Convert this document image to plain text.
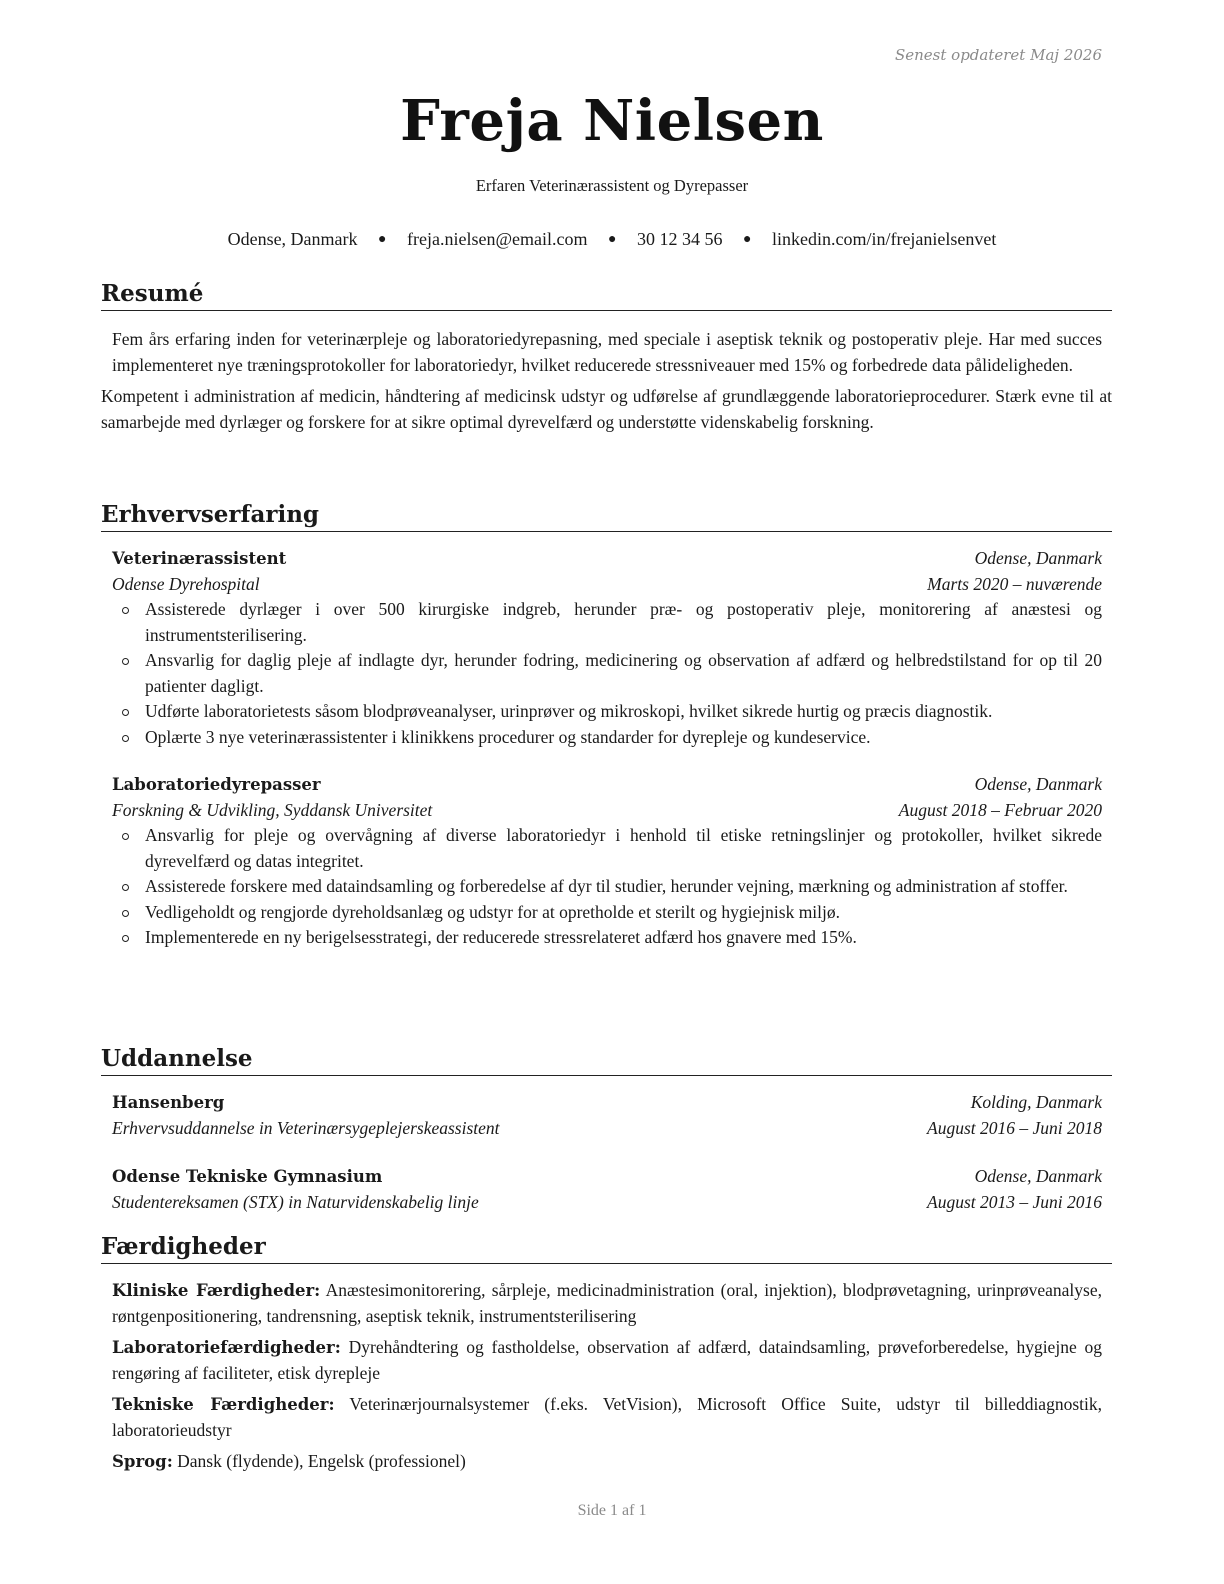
Senest opdateret Maj 2026
Freja Nielsen
Erfaren Veterinærassistent og Dyrepasser
Odense, Danmark ● freja.nielsen@email.com ● 30 12 34 56 ● linkedin.com/in/frejanielsenvet
Resumé

Fem års erfaring inden for veterinærpleje og laboratoriedyrepasning, med speciale i aseptisk teknik og postoperativ pleje. Har med succes implementeret nye træningsprotokoller for laboratoriedyr, hvilket reducerede stressniveauer med 15% og forbedrede data pålideligheden.

Kompetent i administration af medicin, håndtering af medicinsk udstyr og udførelse af grundlæggende laboratorieprocedurer. Stærk evne til at samarbejde med dyrlæger og forskere for at sikre optimal dyrevelfærd og understøtte videnskabelig forskning.

Erhvervserfaring
Veterinærassistent	Odense, Danmark
Odense Dyrehospital	Marts 2020 – nuværende
Assisterede dyrlæger i over 500 kirurgiske indgreb, herunder præ- og postoperativ pleje, monitorering af anæstesi og instrumentsterilisering.
Ansvarlig for daglig pleje af indlagte dyr, herunder fodring, medicinering og observation af adfærd og helbredstilstand for op til 20 patienter dagligt.
Udførte laboratorietests såsom blodprøveanalyser, urinprøver og mikroskopi, hvilket sikrede hurtig og præcis diagnostik.
Oplærte 3 nye veterinærassistenter i klinikkens procedurer og standarder for dyrepleje og kundeservice.
Laboratoriedyrepasser	Odense, Danmark
Forskning & Udvikling, Syddansk Universitet	August 2018 – Februar 2020
Ansvarlig for pleje og overvågning af diverse laboratoriedyr i henhold til etiske retningslinjer og protokoller, hvilket sikrede dyrevelfærd og datas integritet.
Assisterede forskere med dataindsamling og forberedelse af dyr til studier, herunder vejning, mærkning og administration af stoffer.
Vedligeholdt og rengjorde dyreholdsanlæg og udstyr for at opretholde et sterilt og hygiejnisk miljø.
Implementerede en ny berigelsesstrategi, der reducerede stressrelateret adfærd hos gnavere med 15%.
Uddannelse
Hansenberg	Kolding, Danmark
Erhvervsuddannelse in Veterinærsygeplejerskeassistent	August 2016 – Juni 2018
Odense Tekniske Gymnasium	Odense, Danmark
Studentereksamen (STX) in Naturvidenskabelig linje	August 2013 – Juni 2016
Færdigheder
Kliniske Færdigheder: Anæstesimonitorering, sårpleje, medicinadministration (oral, injektion), blodprøvetagning, urinprøveanalyse, røntgenpositionering, tandrensning, aseptisk teknik, instrumentsterilisering
Laboratoriefærdigheder: Dyrehåndtering og fastholdelse, observation af adfærd, dataindsamling, prøveforberedelse, hygiejne og rengøring af faciliteter, etisk dyrepleje
Tekniske Færdigheder: Veterinærjournalsystemer (f.eks. VetVision), Microsoft Office Suite, udstyr til billeddiagnostik, laboratorieudstyr
Sprog: Dansk (flydende), Engelsk (professionel)
Side 1 af 1
